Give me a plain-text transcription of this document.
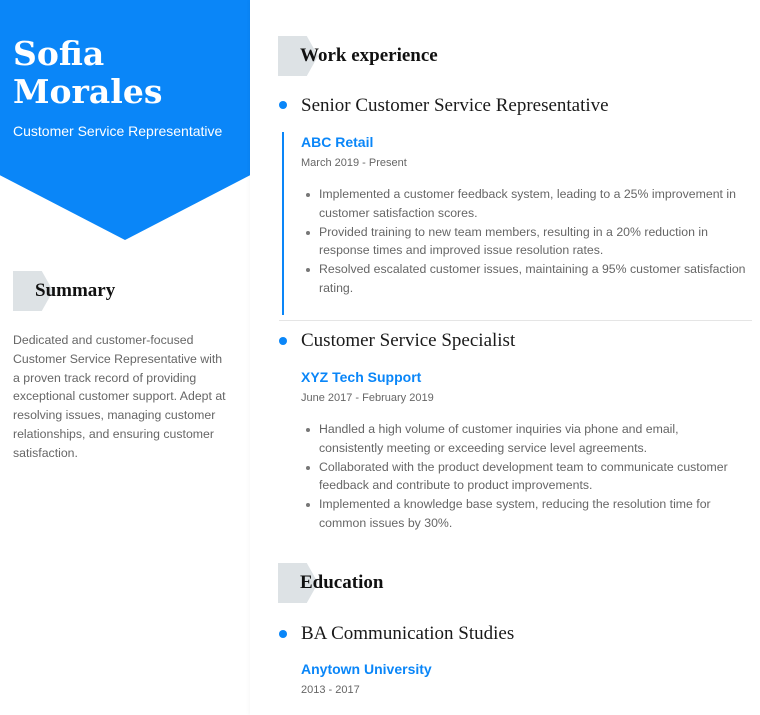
Sofia
Morales
Customer Service Representative
Summary
Dedicated and customer-focused Customer Service Representative with a proven track record of providing exceptional customer support. Adept at resolving issues, managing customer relationships, and ensuring customer satisfaction.
Work experience
Senior Customer Service Representative
ABC Retail
March 2019 - Present
Implemented a customer feedback system, leading to a 25% improvement in customer satisfaction scores.
Provided training to new team members, resulting in a 20% reduction in response times and improved issue resolution rates.
Resolved escalated customer issues, maintaining a 95% customer satisfaction rating.
Customer Service Specialist
XYZ Tech Support
June 2017 - February 2019
Handled a high volume of customer inquiries via phone and email, consistently meeting or exceeding service level agreements.
Collaborated with the product development team to communicate customer feedback and contribute to product improvements.
Implemented a knowledge base system, reducing the resolution time for common issues by 30%.
Education
BA Communication Studies
Anytown University
2013 - 2017
